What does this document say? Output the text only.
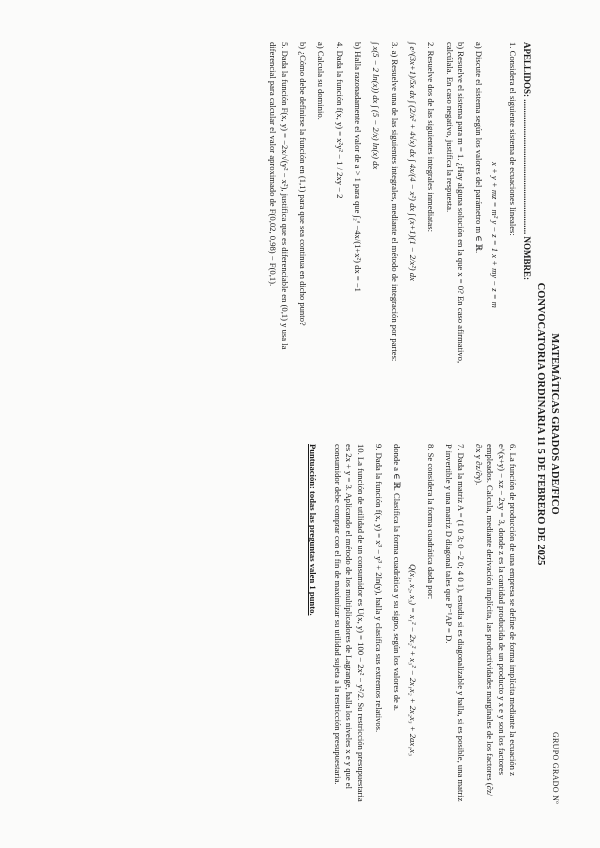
GRUPO GRADO Nº
MATEMÁTICAS GRADOS ADE/FICO
CONVOCATORIA ORDINARIA 11 5 DE FEBRERO DE 2025
APELLIDOS: ............................................................ NOMBRE:

1. Considera el siguiente sistema de ecuaciones lineales:

x + y + mz = m² y − z = 1 x + my − z = m

a) Discute el sistema según los valores del parámetro m ∈ ℝ.

b) Resuelve el sistema para m = 1. ¿Hay alguna solución en la que x = 0? En caso afirmativo, calcúlala. En caso negativo, justifica la respuesta.

2. Resuelve dos de las siguientes integrales inmediatas:

∫ e^(3x+1)/5x dx ∫ (2/x² + 4√x) dx ∫ 4x/(4 − x²) dx ∫ (x+1)(1 − 2/x²) dx

3. a) Resuelve una de las siguientes integrales, mediante el método de integración por partes:

∫ x(5 − 2 ln(x)) dx ∫ (5 − 2/x) ln(x) dx

b) Halla razonadamente el valor de a > 1 para que ∫₂ᵃ −4x/(1+x²) dx = −1

4. Dada la función f(x, y) = x²y² − 1 / 2xy − 2

a) Calcula su dominio.

b) ¿Cómo debe definirse la función en (1,1) para que sea continua en dicho punto?

5. Dada la función F(x, y) = −2x/√(y² − x²), justifica que es diferenciable en (0,1) y usa la diferencial para calcular el valor aproximado de F(0,02, 0,98) − F(0,1).

6. La función de producción de una empresa se define de forma implícita mediante la ecuación z e^(x+y) − xz − 2xy = 3, donde z es la cantidad producida de un producto y x e y son los factores empleados. Calcula, mediante derivación implícita, las productividades marginales de los factores (∂z/∂x y ∂z/∂y).

7. Dada la matriz A = (1 0 3; 0 −2 0; 4 0 1), estudia si es diagonalizable y halla, si es posible, una matriz P invertible y una matriz D diagonal tales que P⁻¹AP = D.

8. Se considera la forma cuadrática dada por:

Q(x₁, x₂, x₃) = x₁² − 2x₂² + x₃² − 2x₁x₂ + 2x₂x₃ + 2ax₁x₃

donde a ∈ ℝ. Clasifica la forma cuadrática y su signo, según los valores de a.

9. Dada la función f(x, y) = x³ − y³ + 2ln(y), halla y clasifica sus extremos relativos.

10. La función de utilidad de un consumidor es U(x, y) = 100 − 2x² − y²/2. Su restricción presupuestaria es 2x + y = 3. Aplicando el método de los multiplicadores de Lagrange, halla los niveles x e y que el consumidor debe comprar con el fin de maximizar su utilidad sujeta a la restricción presupuestaria.

Puntuación: todas las preguntas valen 1 punto.
